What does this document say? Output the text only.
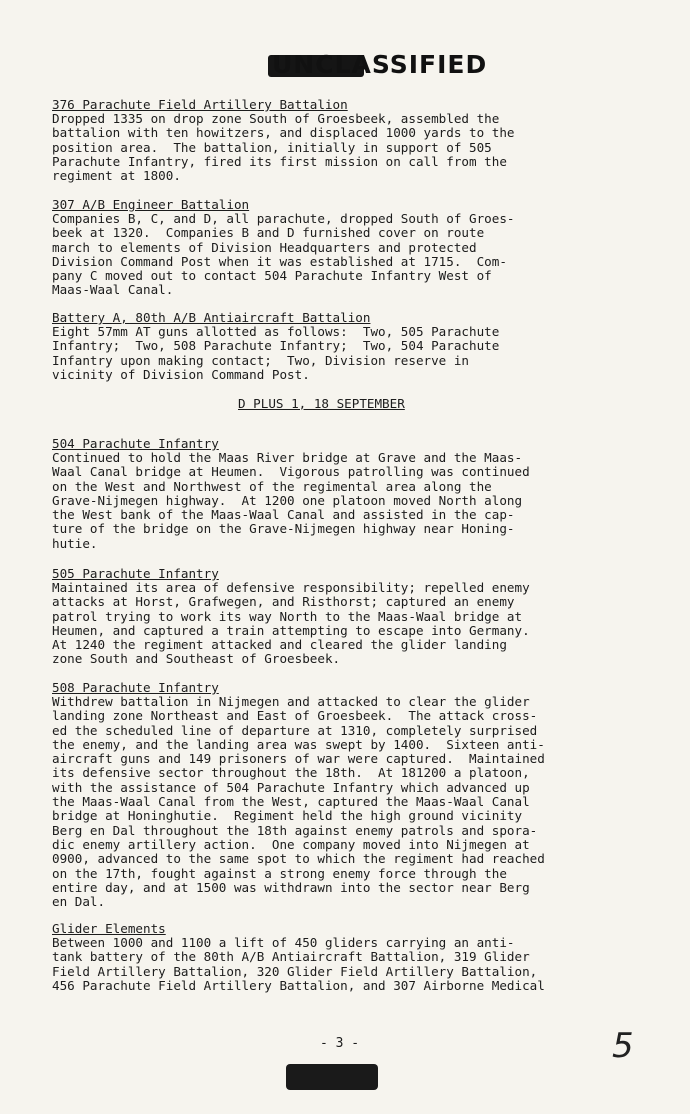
UNCLASSIFIED
376 Parachute Field Artillery Battalion

Dropped 1335 on drop zone South of Groesbeek, assembled the

battalion with ten howitzers, and displaced 1000 yards to the

position area.  The battalion, initially in support of 505

Parachute Infantry, fired its first mission on call from the

regiment at 1800.

307 A/B Engineer Battalion

Companies B, C, and D, all parachute, dropped South of Groes-

beek at 1320.  Companies B and D furnished cover on route

march to elements of Division Headquarters and protected

Division Command Post when it was established at 1715.  Com-

pany C moved out to contact 504 Parachute Infantry West of

Maas-Waal Canal.

Battery A, 80th A/B Antiaircraft Battalion

Eight 57mm AT guns allotted as follows:  Two, 505 Parachute

Infantry;  Two, 508 Parachute Infantry;  Two, 504 Parachute

Infantry upon making contact;  Two, Division reserve in

vicinity of Division Command Post.

D PLUS 1, 18 SEPTEMBER
504 Parachute Infantry

Continued to hold the Maas River bridge at Grave and the Maas-

Waal Canal bridge at Heumen.  Vigorous patrolling was continued

on the West and Northwest of the regimental area along the

Grave-Nijmegen highway.  At 1200 one platoon moved North along

the West bank of the Maas-Waal Canal and assisted in the cap-

ture of the bridge on the Grave-Nijmegen highway near Honing-

hutie.

505 Parachute Infantry

Maintained its area of defensive responsibility; repelled enemy

attacks at Horst, Grafwegen, and Risthorst; captured an enemy

patrol trying to work its way North to the Maas-Waal bridge at

Heumen, and captured a train attempting to escape into Germany.

At 1240 the regiment attacked and cleared the glider landing

zone South and Southeast of Groesbeek.

508 Parachute Infantry

Withdrew battalion in Nijmegen and attacked to clear the glider

landing zone Northeast and East of Groesbeek.  The attack cross-

ed the scheduled line of departure at 1310, completely surprised

the enemy, and the landing area was swept by 1400.  Sixteen anti-

aircraft guns and 149 prisoners of war were captured.  Maintained

its defensive sector throughout the 18th.  At 181200 a platoon,

with the assistance of 504 Parachute Infantry which advanced up

the Maas-Waal Canal from the West, captured the Maas-Waal Canal

bridge at Honinghutie.  Regiment held the high ground vicinity

Berg en Dal throughout the 18th against enemy patrols and spora-

dic enemy artillery action.  One company moved into Nijmegen at

0900, advanced to the same spot to which the regiment had reached

on the 17th, fought against a strong enemy force through the

entire day, and at 1500 was withdrawn into the sector near Berg

en Dal.

Glider Elements

Between 1000 and 1100 a lift of 450 gliders carrying an anti-

tank battery of the 80th A/B Antiaircraft Battalion, 319 Glider

Field Artillery Battalion, 320 Glider Field Artillery Battalion,

456 Parachute Field Artillery Battalion, and 307 Airborne Medical

- 3 -	5
